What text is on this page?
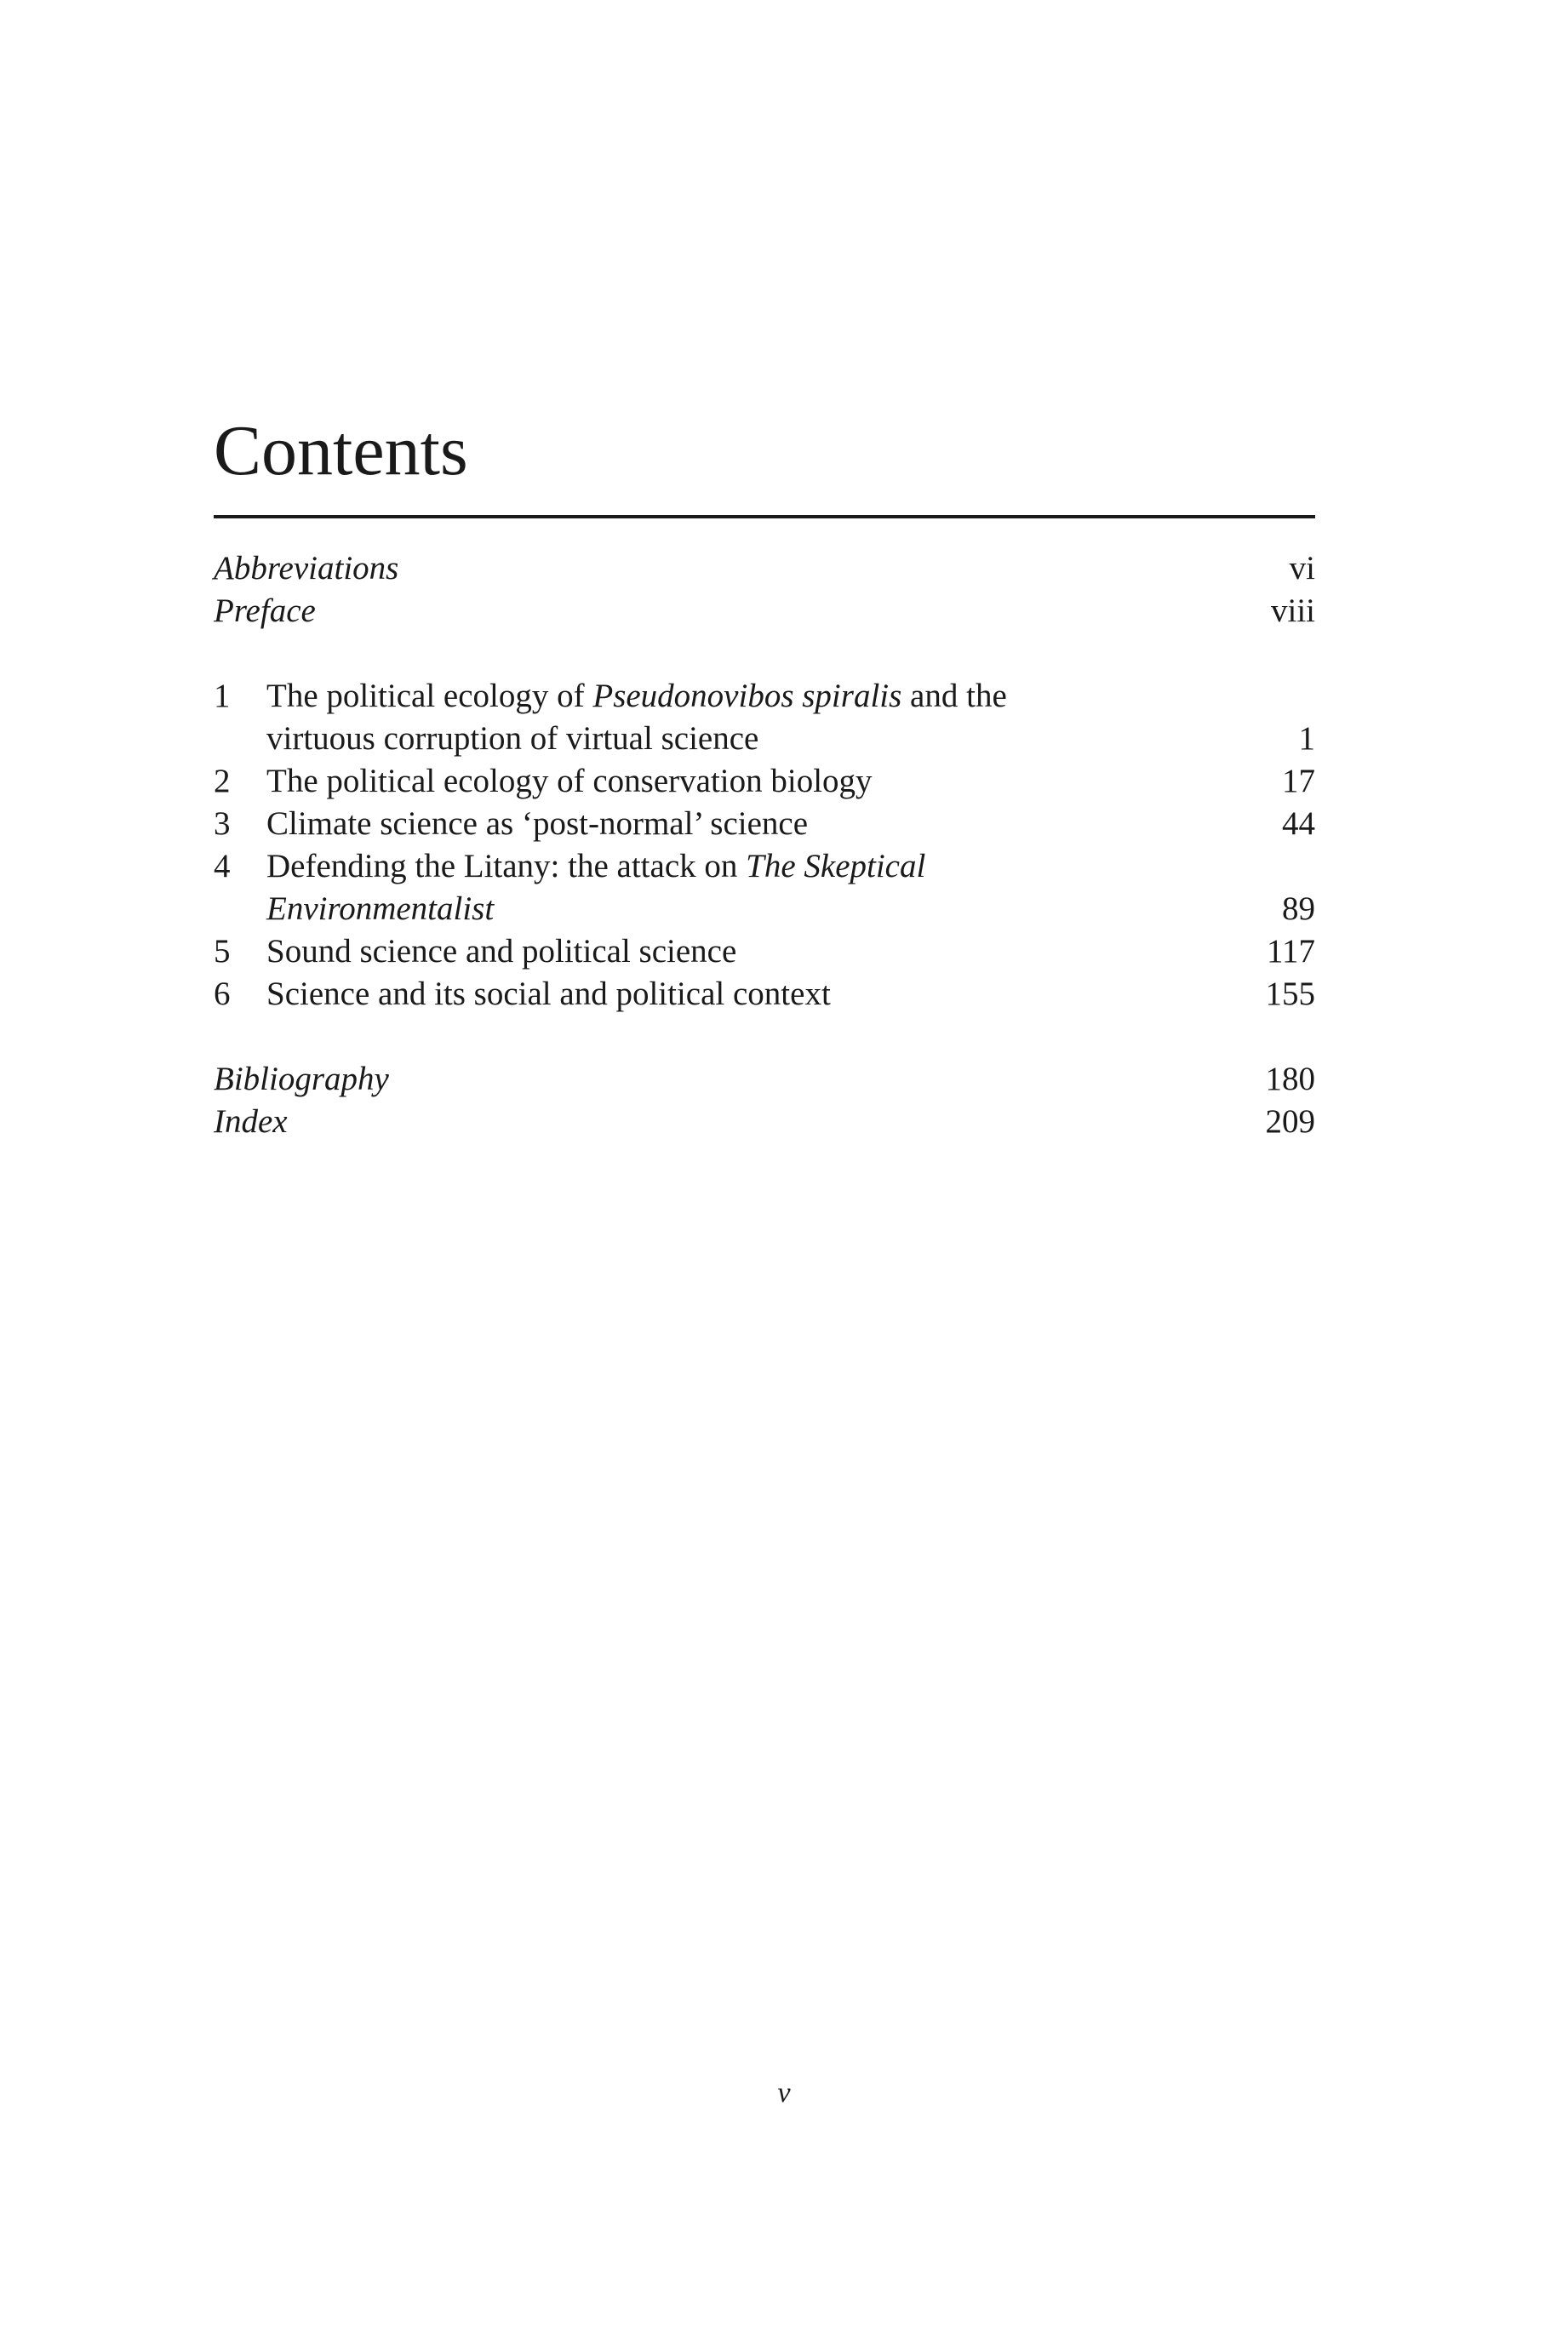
Contents
Abbreviations	vi
Preface	viii
1 The political ecology of Pseudonovibos spiralis and the
virtuous corruption of virtual science	1
2 The political ecology of conservation biology	17
3 Climate science as ‘post-normal’ science	44
4 Defending the Litany: the attack on The Skeptical
Environmentalist	89
5 Sound science and political science	117
6 Science and its social and political context	155
Bibliography	180
Index	209
v
